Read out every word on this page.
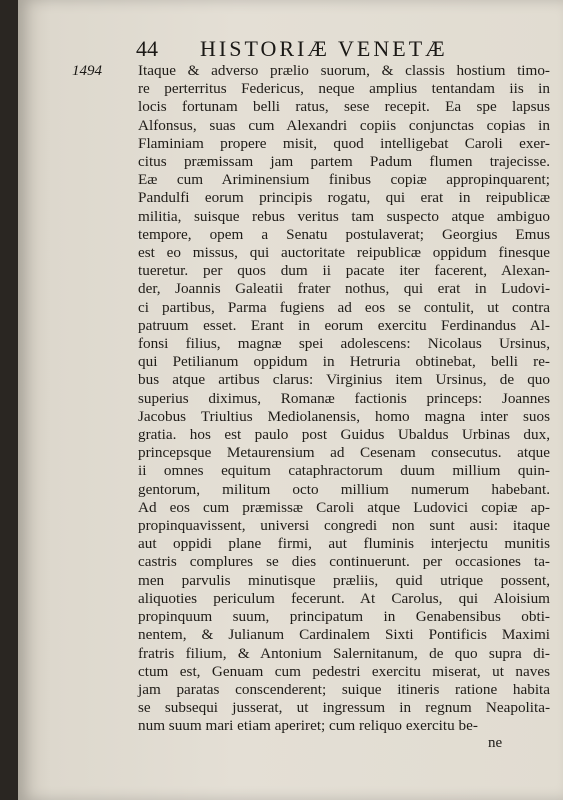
44 HISTORIÆ VENETÆ
1494 Itaque & adverso prælio suorum, & classis hostium timo-
re perterritus Federicus, neque amplius tentandam iis in
locis fortunam belli ratus, sese recepit. Ea spe lapsus
Alfonsus, suas cum Alexandri copiis conjunctas copias in
Flaminiam propere misit, quod intelligebat Caroli exer-
citus præmissam jam partem Padum flumen trajecisse.
Eæ cum Ariminensium finibus copiæ appropinquarent;
Pandulfi eorum principis rogatu, qui erat in reipublicæ
militia, suisque rebus veritus tam suspecto atque ambiguo
tempore, opem a Senatu postulaverat; Georgius Emus
est eo missus, qui auctoritate reipublicæ oppidum finesque
tueretur. per quos dum ii pacate iter facerent, Alexan-
der, Joannis Galeatii frater nothus, qui erat in Ludovi-
ci partibus, Parma fugiens ad eos se contulit, ut contra
patruum esset. Erant in eorum exercitu Ferdinandus Al-
fonsi filius, magnæ spei adolescens: Nicolaus Ursinus,
qui Petilianum oppidum in Hetruria obtinebat, belli re-
bus atque artibus clarus: Virginius item Ursinus, de quo
superius diximus, Romanæ factionis princeps: Joannes
Jacobus Triultius Mediolanensis, homo magna inter suos
gratia. hos est paulo post Guidus Ubaldus Urbinas dux,
princepsque Metaurensium ad Cesenam consecutus. atque
ii omnes equitum cataphractorum duum millium quin-
gentorum, militum octo millium numerum habebant.
Ad eos cum præmissæ Caroli atque Ludovici copiæ ap-
propinquavissent, universi congredi non sunt ausi: itaque
aut oppidi plane firmi, aut fluminis interjectu munitis
castris complures se dies continuerunt. per occasiones ta-
men parvulis minutisque præliis, quid utrique possent,
aliquoties periculum fecerunt. At Carolus, qui Aloisium
propinquum suum, principatum in Genabensibus obti-
nentem, & Julianum Cardinalem Sixti Pontificis Maximi
fratris filium, & Antonium Salernitanum, de quo supra di-
ctum est, Genuam cum pedestri exercitu miserat, ut naves
jam paratas conscenderent; suique itineris ratione habita
se subsequi jusserat, ut ingressum in regnum Neapolita-
num suum mari etiam aperiret; cum reliquo exercitu be-
ne
